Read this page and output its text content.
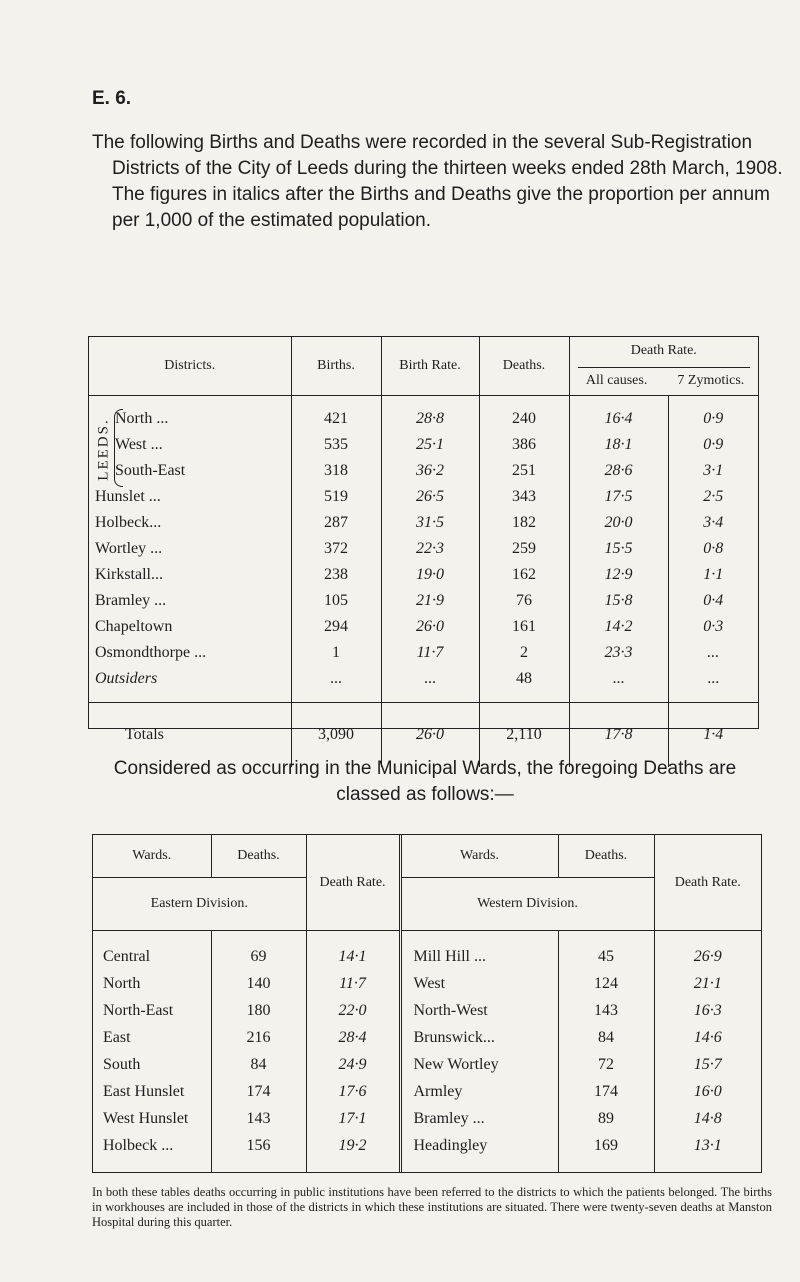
E. 6.
The following Births and Deaths were recorded in the several Sub-Registration Districts of the City of Leeds during the thirteen weeks ended 28th March, 1908. The figures in italics after the Births and Deaths give the proportion per annum per 1,000 of the estimated population.
Districts.	Births.	Birth Rate.	Deaths.	Death Rate.
All causes. 7 Zymotics.	

North ...	421	28·8	240	16·4	0·9
West ...	535	25·1	386	18·1	0·9
South-East	318	36·2	251	28·6	3·1
Hunslet ...	519	26·5	343	17·5	2·5
Holbeck...	287	31·5	182	20·0	3·4
Wortley ...	372	22·3	259	15·5	0·8
Kirkstall...	238	19·0	162	12·9	1·1
Bramley ...	105	21·9	76	15·8	0·4
Chapeltown	294	26·0	161	14·2	0·3
Osmondthorpe ...	1	11·7	2	23·3	...
Outsiders	...	...	48	...	...

Totals	3,090	26·0	2,110	17·8	1·4
LEEDS.
Considered as occurring in the Municipal Wards, the foregoing Deaths are classed as follows:—
Wards.	Deaths.	Death Rate.	Wards.	Deaths.	Death Rate.
Eastern Division.			Western Division.		

Central	69	14·1	Mill Hill ...	45	26·9
North	140	11·7	West	124	21·1
North-East	180	22·0	North-West	143	16·3
East	216	28·4	Brunswick...	84	14·6
South	84	24·9	New Wortley	72	15·7
East Hunslet	174	17·6	Armley	174	16·0
West Hunslet	143	17·1	Bramley ...	89	14·8
Holbeck ...	156	19·2	Headingley	169	13·1

In both these tables deaths occurring in public institutions have been referred to the districts to which the patients belonged. The births in workhouses are included in those of the districts in which these institutions are situated. There were twenty-seven deaths at Manston Hospital during this quarter.
